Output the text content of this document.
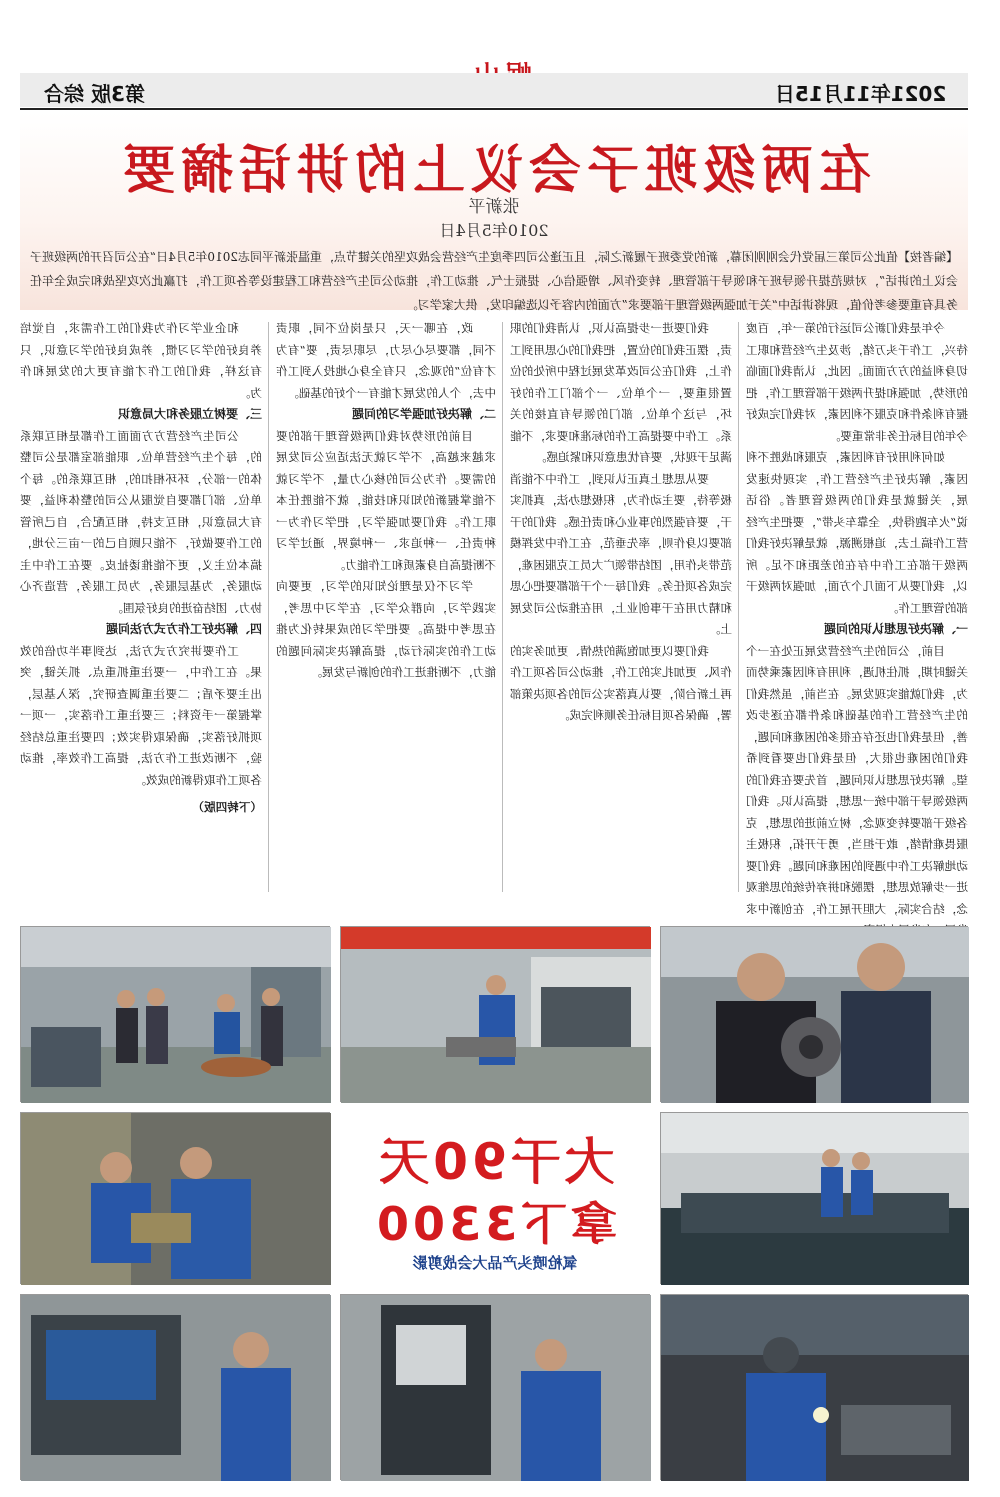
2021年11月15日
第3版 综合
在两级班子会议上的讲话摘要
张新平
2010年5月4日
【编者按】值此公司第三届党代会刚刚闭幕，新的党委班子履新之际，且正逢公司四季度生产经营会战攻坚的关键节点，重温张新平同志2010年5月4日“在公司召开的两级班子会议上的讲话”，对规范提升领导班子和领导干部管理、转变作风、增强信心、提振士气、推动工作，推动公司生产经营和工程建设等各项工作，打赢此次攻坚战和完成全年任务具有重要参考价值，现将讲话中“关于加强两级管理干部要求”方面的内容予以选编印发，供大家学习。

今年是我们新公司运行的第一年，百废待兴，工作千头万绪，涉及生产经营和职工切身利益的方方面面。因此，认清我们面临的形势，加强和提升两级干部管理工作，把握有利条件和克服不利因素，对我们完成好今年的目标任务非常重要。

如何利用好有利因素，克服和战胜不利因素，解决好生产经营工作，实现快速发展，关键就是我们的两级管理者。俗话说“火车跑得快，全靠车头带”，要把生产经营工作搞上去，追根溯源，就是解决好我们两级干部在工作中存在的差距和不足。所以，我们要从下面几个方面，加强对两级干部的管理工作。

一、解决好思想认识的问题

目前，公司的生产经营发展正处在一个关键时期，抓住机遇，利用有利因素乘势而为，我们就能实现发展。在当前，虽然我们的生产经营工作的基础和条件都在逐步改善，但是我们也还存在很多的困难和问题，我们的困难也很大，但是我们也要看到希望。解决好思想认识问题，首先要在我们的两级领导干部中统一思想，提高认识。我们各级干部要转变观念，树立前进的思想，克服畏难情绪，敢于担当，勇于开拓，积极主动地解决工作中遇到的困难和问题。我们要进一步解放思想，摆脱和拼弃传统的思维观念，结合实际，大胆开展工作，在创新中求

我们要进一步提高认识，认清我们的职责，摆正我们的位置，把我们的心思用到工作上，我们在公司改革发展过程中所处的位置很重要，一个单位、一个部门工作的好坏，与这个单位、部门的领导有直接的关系。工作中要提高工作的标准和要求，不能满足于现状，要有忧患意识和紧迫感。

要从思想上真正认识到，工作中不能消极等待，要主动作为，积极想办法，真抓实干，要有强烈的事业心和责任感。我们的干部要以身作则，率先垂范，在工作中发挥模范带头作用，团结带领广大员工克服困难，完成各项任务。我们每一个干部都要把心思和精力用在干事创业上，用在推动公司发展上。

我们要以更加饱满的热情、更加务实的作风、更加扎实的工作，推动公司各项工作再上新台阶，要认真落实公司的各项决策部署，确保各项目标任务顺利完成。

政，在哪一天，只是岗位不同，职责不同，都要尽心尽力，尽职尽责，要“有为才有位”的观念，只有全身心地投入到工作中去，个人的发展才能有一个好的基础。

二、解决好加强学习的问题

目前的形势对我们两级管理干部的要求越来越高，不学习就无法适应公司发展的需要。作为公司的核心力量，不学习就不能掌握新的知识和技能，就不能胜任本职工作。我们要加强学习，把学习作为一种责任、一种追求、一种境界，通过学习不断提高自身素质和工作能力。

学习不仅是理论知识的学习，更要向实践学习，向群众学习，在学习中思考，在思考中提高。要把学习的成果转化为推动工作的实际行动，提高解决实际问题的能力，不断推进工作的创新与发展。

和企业学习作为我们的工作需求，自觉培养良好的学习习惯，养成良好的学习意识，只有这样，我们的工作才能有更大的发展和作为。

三、要树立服务和大局意识

公司生产经营方方面面工作都是相互联系的，每个生产经营单位、职能部室都是公司整体的一部分，环环相扣的，相互联系的。每个单位、部门都要自觉服从公司的整体利益，要有大局意识，相互支持，相互配合，自己所管的工作要做好，不能只顾自己的一亩三分地，搞本位主义，更不能推诿扯皮。要在工作中主动服务，为基层服务，为员工服务，营造齐心协力、团结奋进的良好氛围。

四、解决好工作方式方法问题

工作要讲究方式方法，达到事半功倍的效果。在工作中，一要注重抓重点、抓关键，突出主要矛盾；二要注重调查研究，深入基层，掌握第一手资料；三要注重工作落实，一项一项抓好落实，确保取得实效；四要注重总结经验，不断改进工作方法，提高工作效率，推动各项工作取得新的成效。

（下转四版）

大干90天
拿下3300
氧枪喷头产品大会战剪影
